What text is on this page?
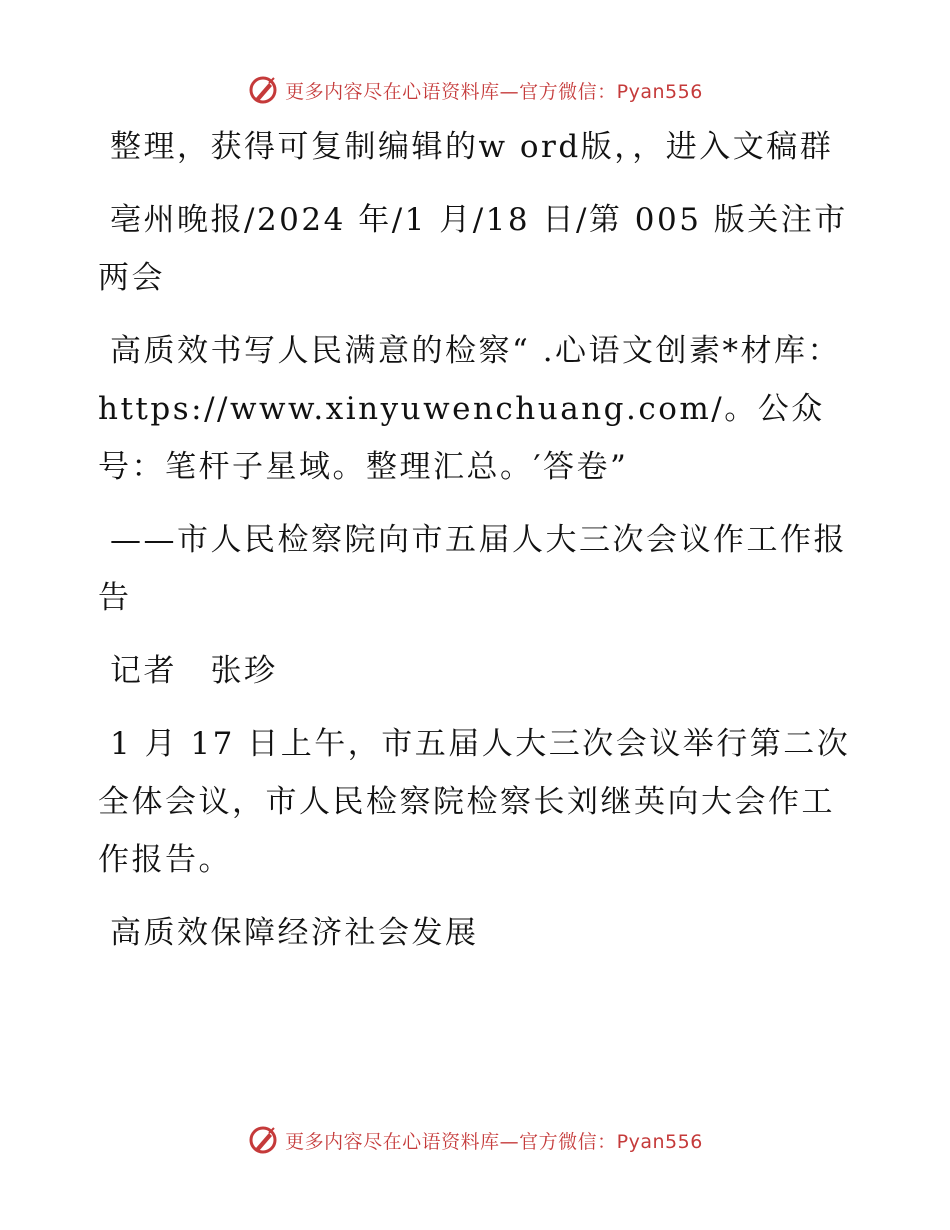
更多内容尽在心语资料库—官方微信：Pyan556

整理，获得可复制编辑的w ord版，，进入文稿群

亳州晚报/2024 年/1 月/18 日/第 005 版关注市两会

高质效书写人民满意的检察“ .心语文创素*材库：https://www.xinyuwenchuang.com/。公众号：笔杆子星域。整理汇总。′答卷”

——市人民检察院向市五届人大三次会议作工作报告

记者　张珍

1 月 17 日上午，市五届人大三次会议举行第二次全体会议，市人民检察院检察长刘继英向大会作工作报告。

高质效保障经济社会发展

更多内容尽在心语资料库—官方微信：Pyan556
